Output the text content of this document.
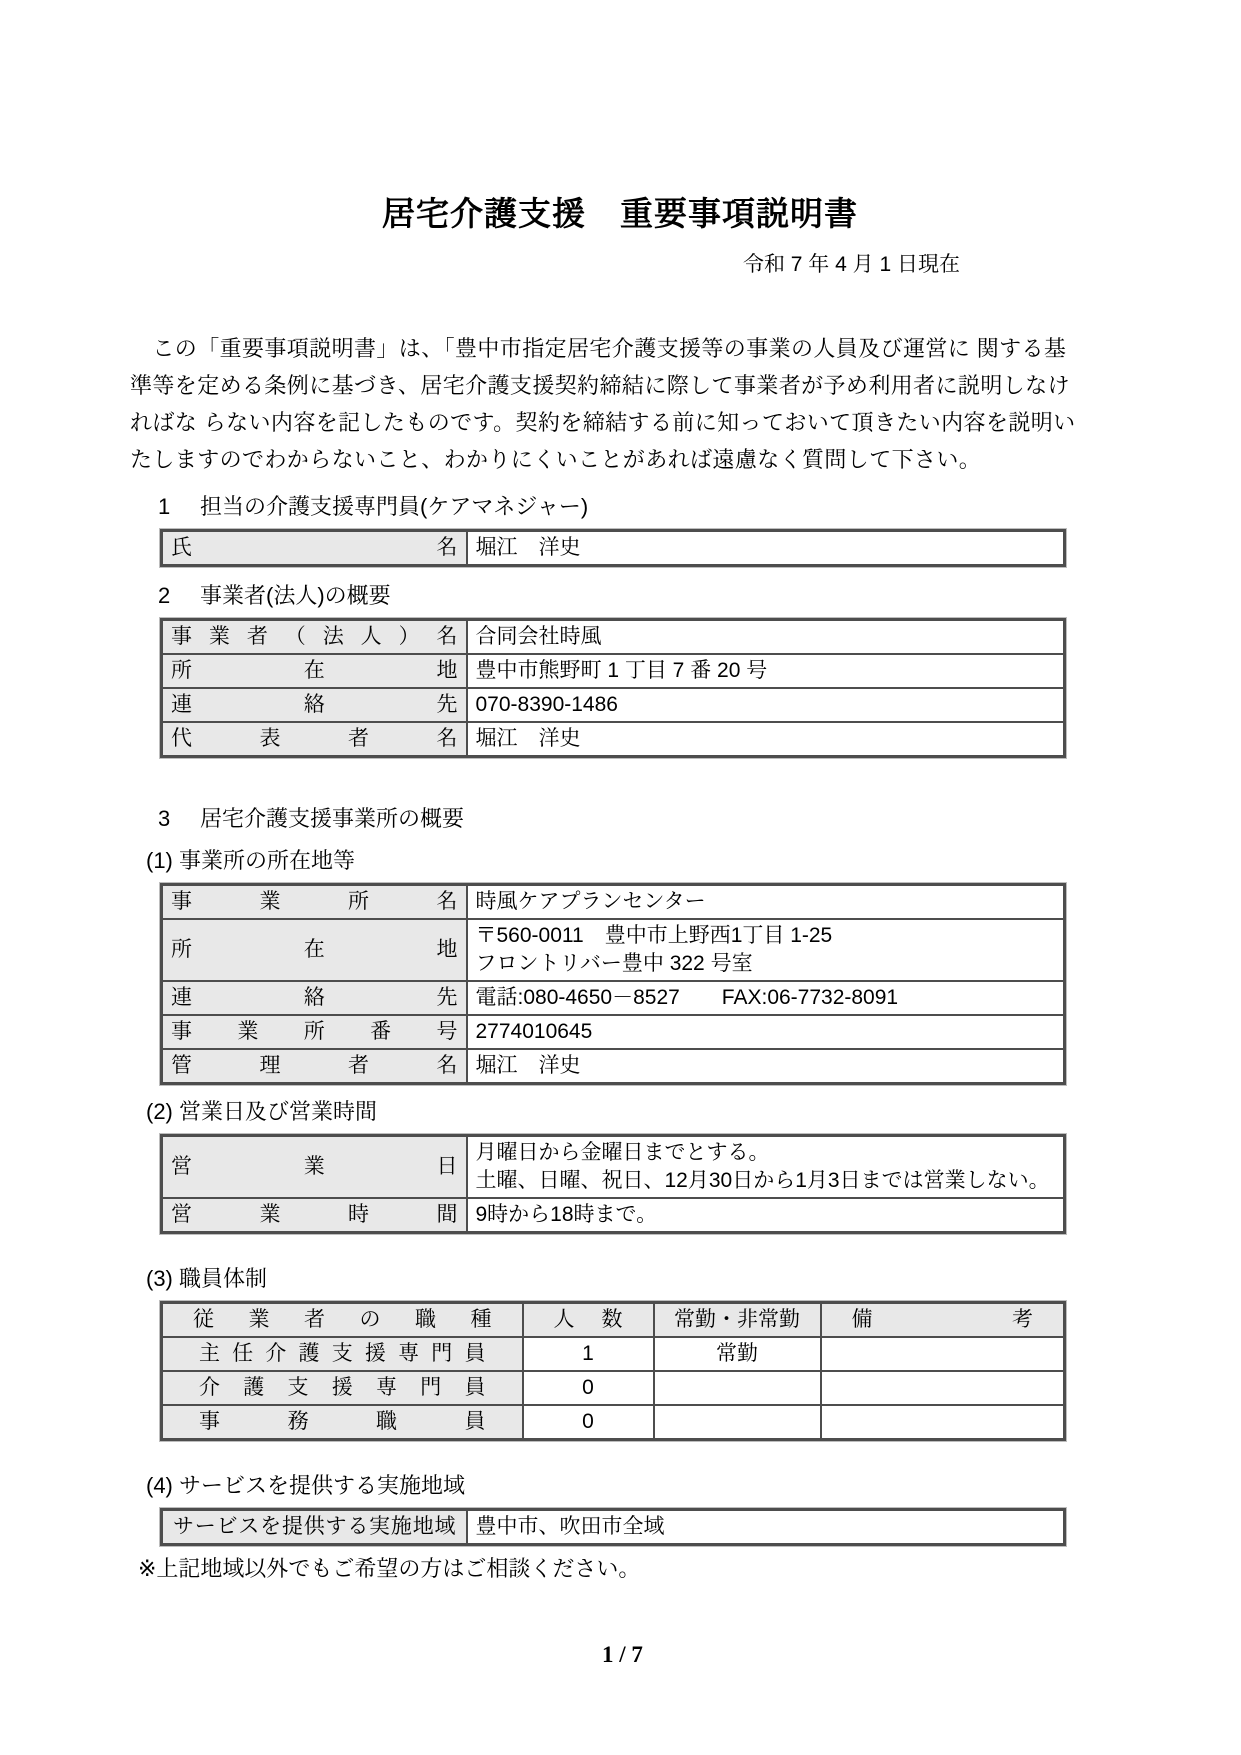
居宅介護支援　重要事項説明書
令和 7 年 4 月 1 日現在
　この「重要事項説明書」は、「豊中市指定居宅介護支援等の事業の人員及び運営に 関する基
準等を定める条例に基づき、居宅介護支援契約締結に際して事業者が予め利用者に説明しなけ
ればな らない内容を記したものです。契約を締結する前に知っておいて頂きたい内容を説明い
たしますのでわからないこと、わかりにくいことがあれば遠慮なく質問して下さい。
1	担当の介護支援専門員(ケアマネジャー)
氏 名	堀江　洋史
2	事業者(法人)の概要
事 業 者 （ 法 人 ） 名	合同会社時風
所 在 地	豊中市熊野町 1 丁目 7 番 20 号
連 絡 先	070-8390-1486
代 表 者 名	堀江　洋史
3	居宅介護支援事業所の概要
(1) 事業所の所在地等
事 業 所 名	時風ケアプランセンター
所 在 地	〒560-0011　豊中市上野西1丁目 1-25
フロントリバー豊中 322 号室

連 絡 先	電話:080-4650－8527　　FAX:06-7732-8091
事 業 所 番 号	2774010645
管 理 者 名	堀江　洋史
(2) 営業日及び営業時間
営 業 日	月曜日から金曜日までとする。
土曜、日曜、祝日、12月30日から1月3日までは営業しない。

営 業 時 間	9時から18時まで。
(3) 職員体制
従 業 者 の 職 種	人 数	常勤・非常勤	備 考
主任介護支援専門員	1	常勤	
介 護 支 援 専 門 員	0		
事 務 職 員	0		
(4) サービスを提供する実施地域
サービスを提供する実施地域	豊中市、吹田市全域
※上記地域以外でもご希望の方はご相談ください。
1 / 7
